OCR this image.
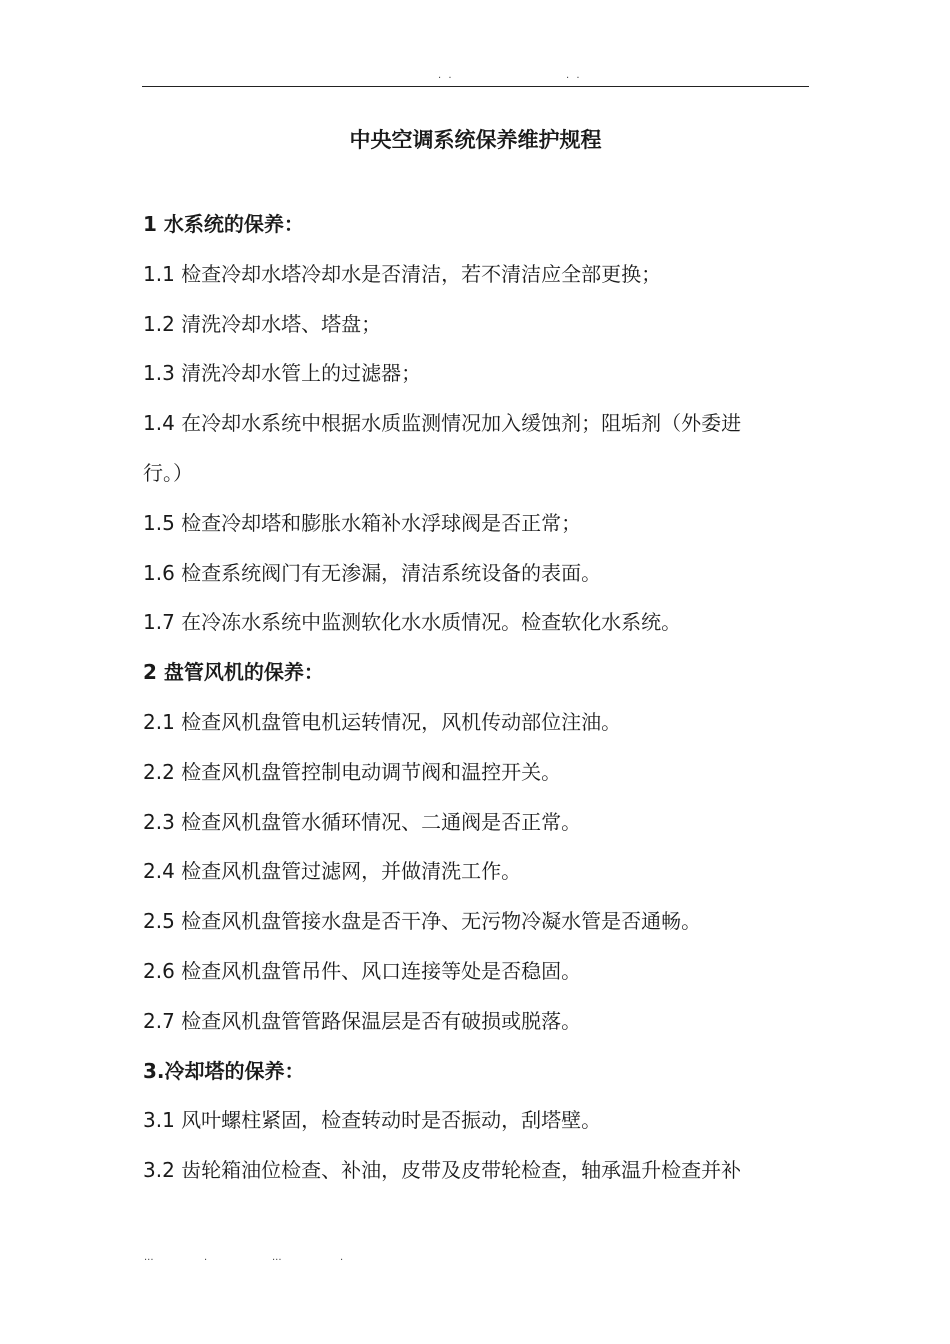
. .	. .
中央空调系统保养维护规程

1 水系统的保养：

1.1 检查冷却水塔冷却水是否清洁，若不清洁应全部更换；

1.2 清洗冷却水塔、塔盘；

1.3 清洗冷却水管上的过滤器；

1.4 在冷却水系统中根据水质监测情况加入缓蚀剂；阻垢剂（外委进

行。）

1.5 检查冷却塔和膨胀水箱补水浮球阀是否正常；

1.6 检查系统阀门有无渗漏，清洁系统设备的表面。

1.7 在冷冻水系统中监测软化水水质情况。检查软化水系统。

2 盘管风机的保养：

2.1 检查风机盘管电机运转情况，风机传动部位注油。

2.2 检查风机盘管控制电动调节阀和温控开关。

2.3 检查风机盘管水循环情况、二通阀是否正常。

2.4 检查风机盘管过滤网，并做清洗工作。

2.5 检查风机盘管接水盘是否干净、无污物冷凝水管是否通畅。

2.6 检查风机盘管吊件、风口连接等处是否稳固。

2.7 检查风机盘管管路保温层是否有破损或脱落。

3.冷却塔的保养：

3.1 风叶螺柱紧固，检查转动时是否振动，刮塔壁。

3.2 齿轮箱油位检查、补油，皮带及皮带轮检查，轴承温升检查并补

...	.	...	.
